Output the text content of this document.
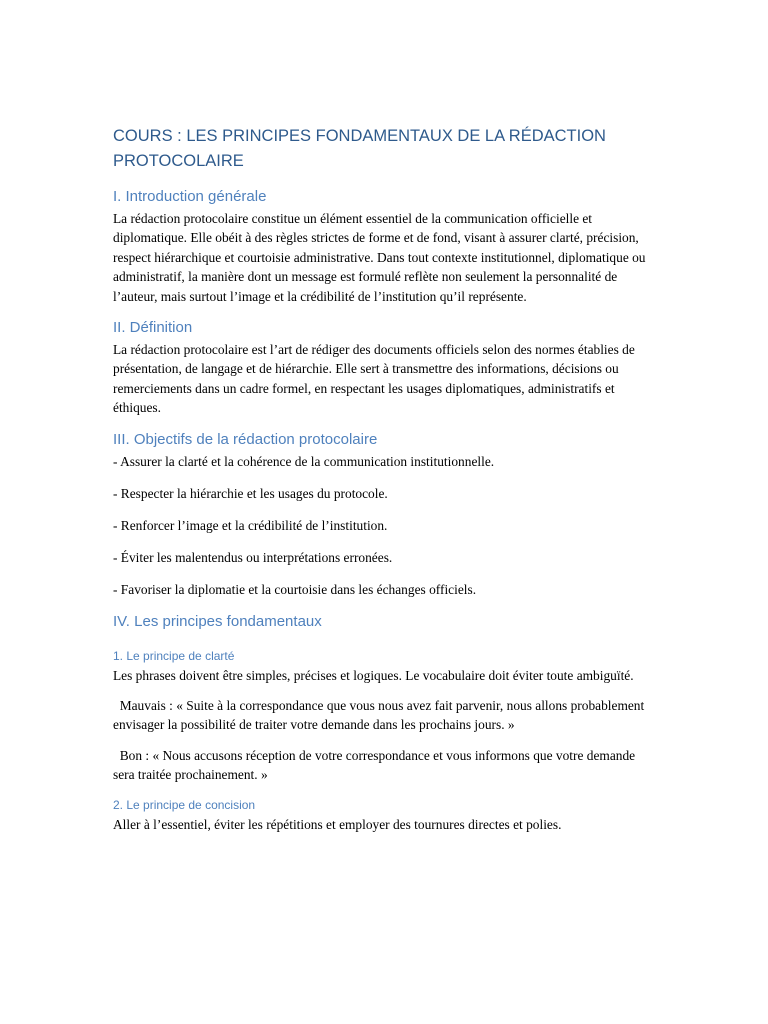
COURS : LES PRINCIPES FONDAMENTAUX DE LA RÉDACTION PROTOCOLAIRE
I. Introduction générale
La rédaction protocolaire constitue un élément essentiel de la communication officielle et diplomatique. Elle obéit à des règles strictes de forme et de fond, visant à assurer clarté, précision, respect hiérarchique et courtoisie administrative. Dans tout contexte institutionnel, diplomatique ou administratif, la manière dont un message est formulé reflète non seulement la personnalité de l’auteur, mais surtout l’image et la crédibilité de l’institution qu’il représente.
II. Définition
La rédaction protocolaire est l’art de rédiger des documents officiels selon des normes établies de présentation, de langage et de hiérarchie. Elle sert à transmettre des informations, décisions ou remerciements dans un cadre formel, en respectant les usages diplomatiques, administratifs et éthiques.
III. Objectifs de la rédaction protocolaire
- Assurer la clarté et la cohérence de la communication institutionnelle.
- Respecter la hiérarchie et les usages du protocole.
- Renforcer l’image et la crédibilité de l’institution.
- Éviter les malentendus ou interprétations erronées.
- Favoriser la diplomatie et la courtoisie dans les échanges officiels.
IV. Les principes fondamentaux
1. Le principe de clarté
Les phrases doivent être simples, précises et logiques. Le vocabulaire doit éviter toute ambiguïté.
Mauvais : « Suite à la correspondance que vous nous avez fait parvenir, nous allons probablement envisager la possibilité de traiter votre demande dans les prochains jours. »
Bon : « Nous accusons réception de votre correspondance et vous informons que votre demande sera traitée prochainement. »
2. Le principe de concision
Aller à l’essentiel, éviter les répétitions et employer des tournures directes et polies.
